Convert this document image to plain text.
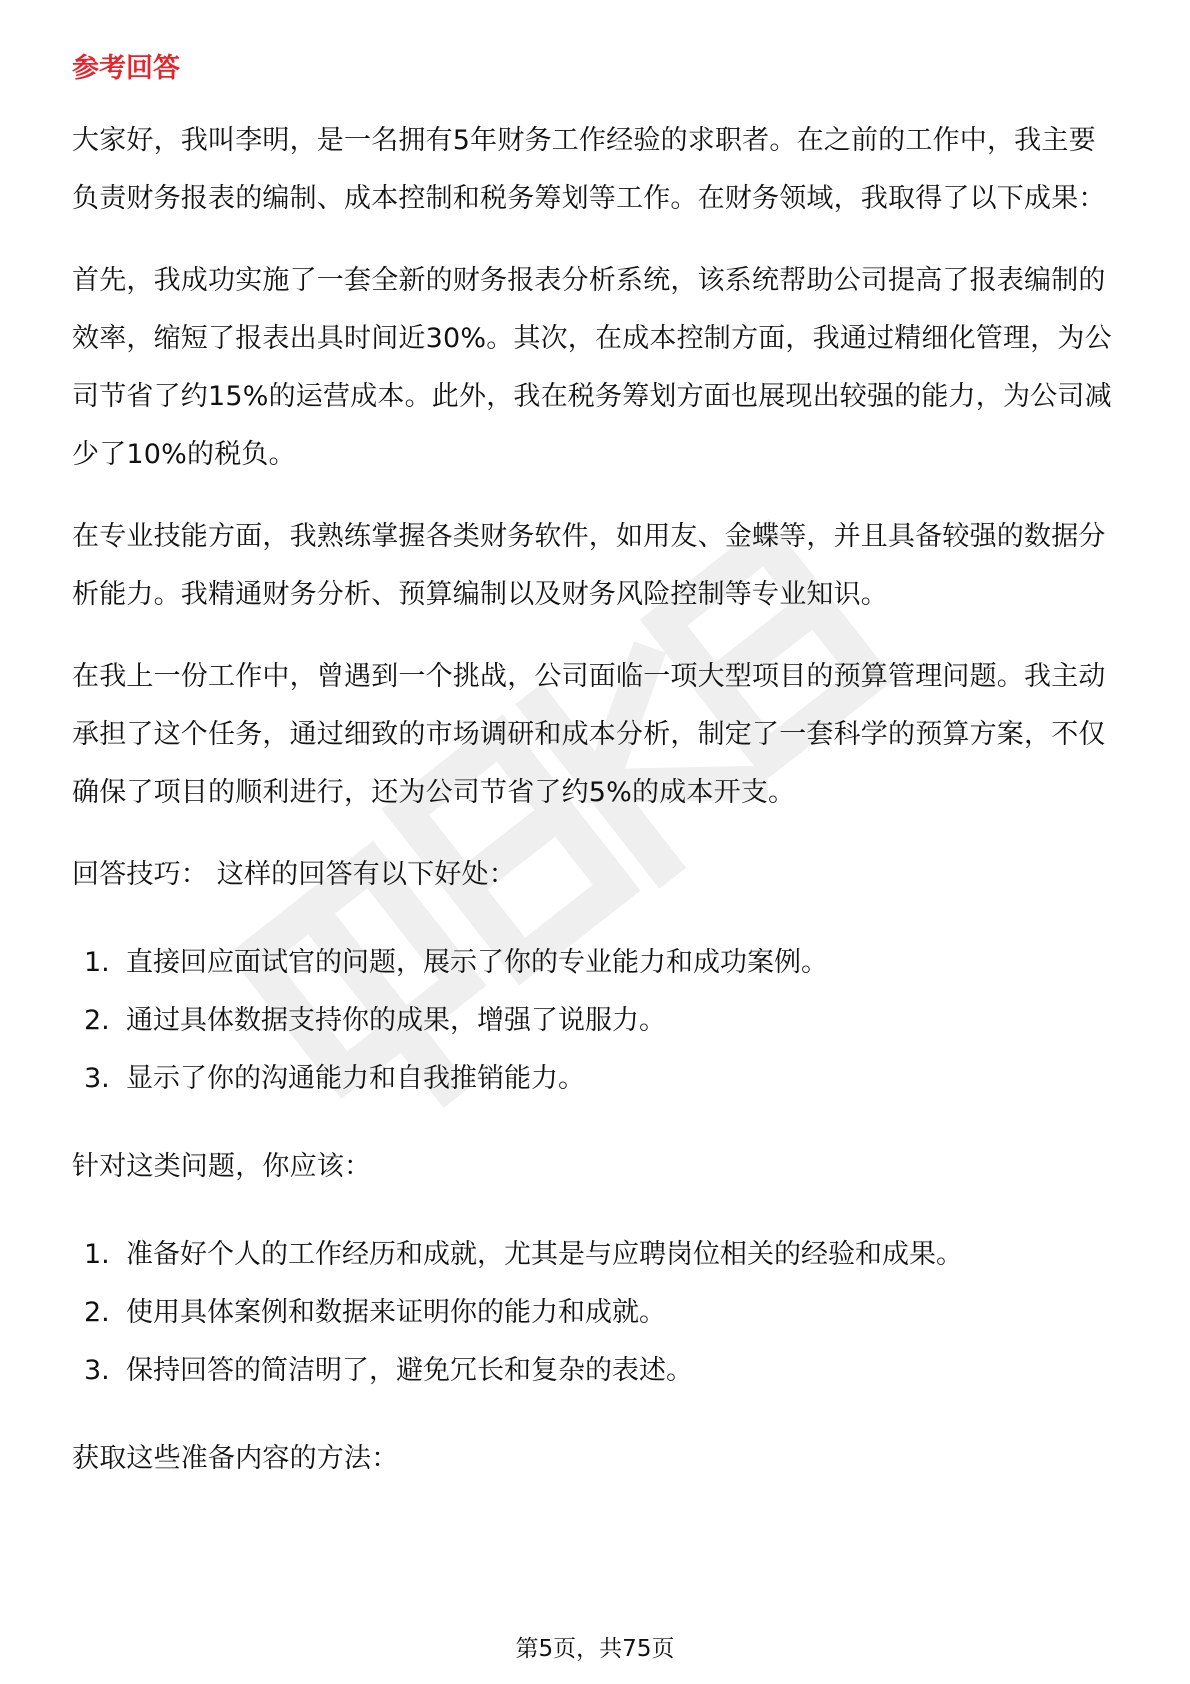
参考回答

大家好，我叫李明，是一名拥有5年财务工作经验的求职者。在之前的工作中，我主要负责财务报表的编制、成本控制和税务筹划等工作。在财务领域，我取得了以下成果：

首先，我成功实施了一套全新的财务报表分析系统，该系统帮助公司提高了报表编制的效率，缩短了报表出具时间近30%。其次，在成本控制方面，我通过精细化管理，为公司节省了约15%的运营成本。此外，我在税务筹划方面也展现出较强的能力，为公司减少了10%的税负。

在专业技能方面，我熟练掌握各类财务软件，如用友、金蝶等，并且具备较强的数据分析能力。我精通财务分析、预算编制以及财务风险控制等专业知识。

在我上一份工作中，曾遇到一个挑战，公司面临一项大型项目的预算管理问题。我主动承担了这个任务，通过细致的市场调研和成本分析，制定了一套科学的预算方案，不仅确保了项目的顺利进行，还为公司节省了约5%的成本开支。

回答技巧： 这样的回答有以下好处：

1. 直接回应面试官的问题，展示了你的专业能力和成功案例。
2. 通过具体数据支持你的成果，增强了说服力。
3. 显示了你的沟通能力和自我推销能力。

针对这类问题，你应该：

1. 准备好个人的工作经历和成就，尤其是与应聘岗位相关的经验和成果。
2. 使用具体案例和数据来证明你的能力和成就。
3. 保持回答的简洁明了，避免冗长和复杂的表述。

获取这些准备内容的方法：

第5页，共75页
